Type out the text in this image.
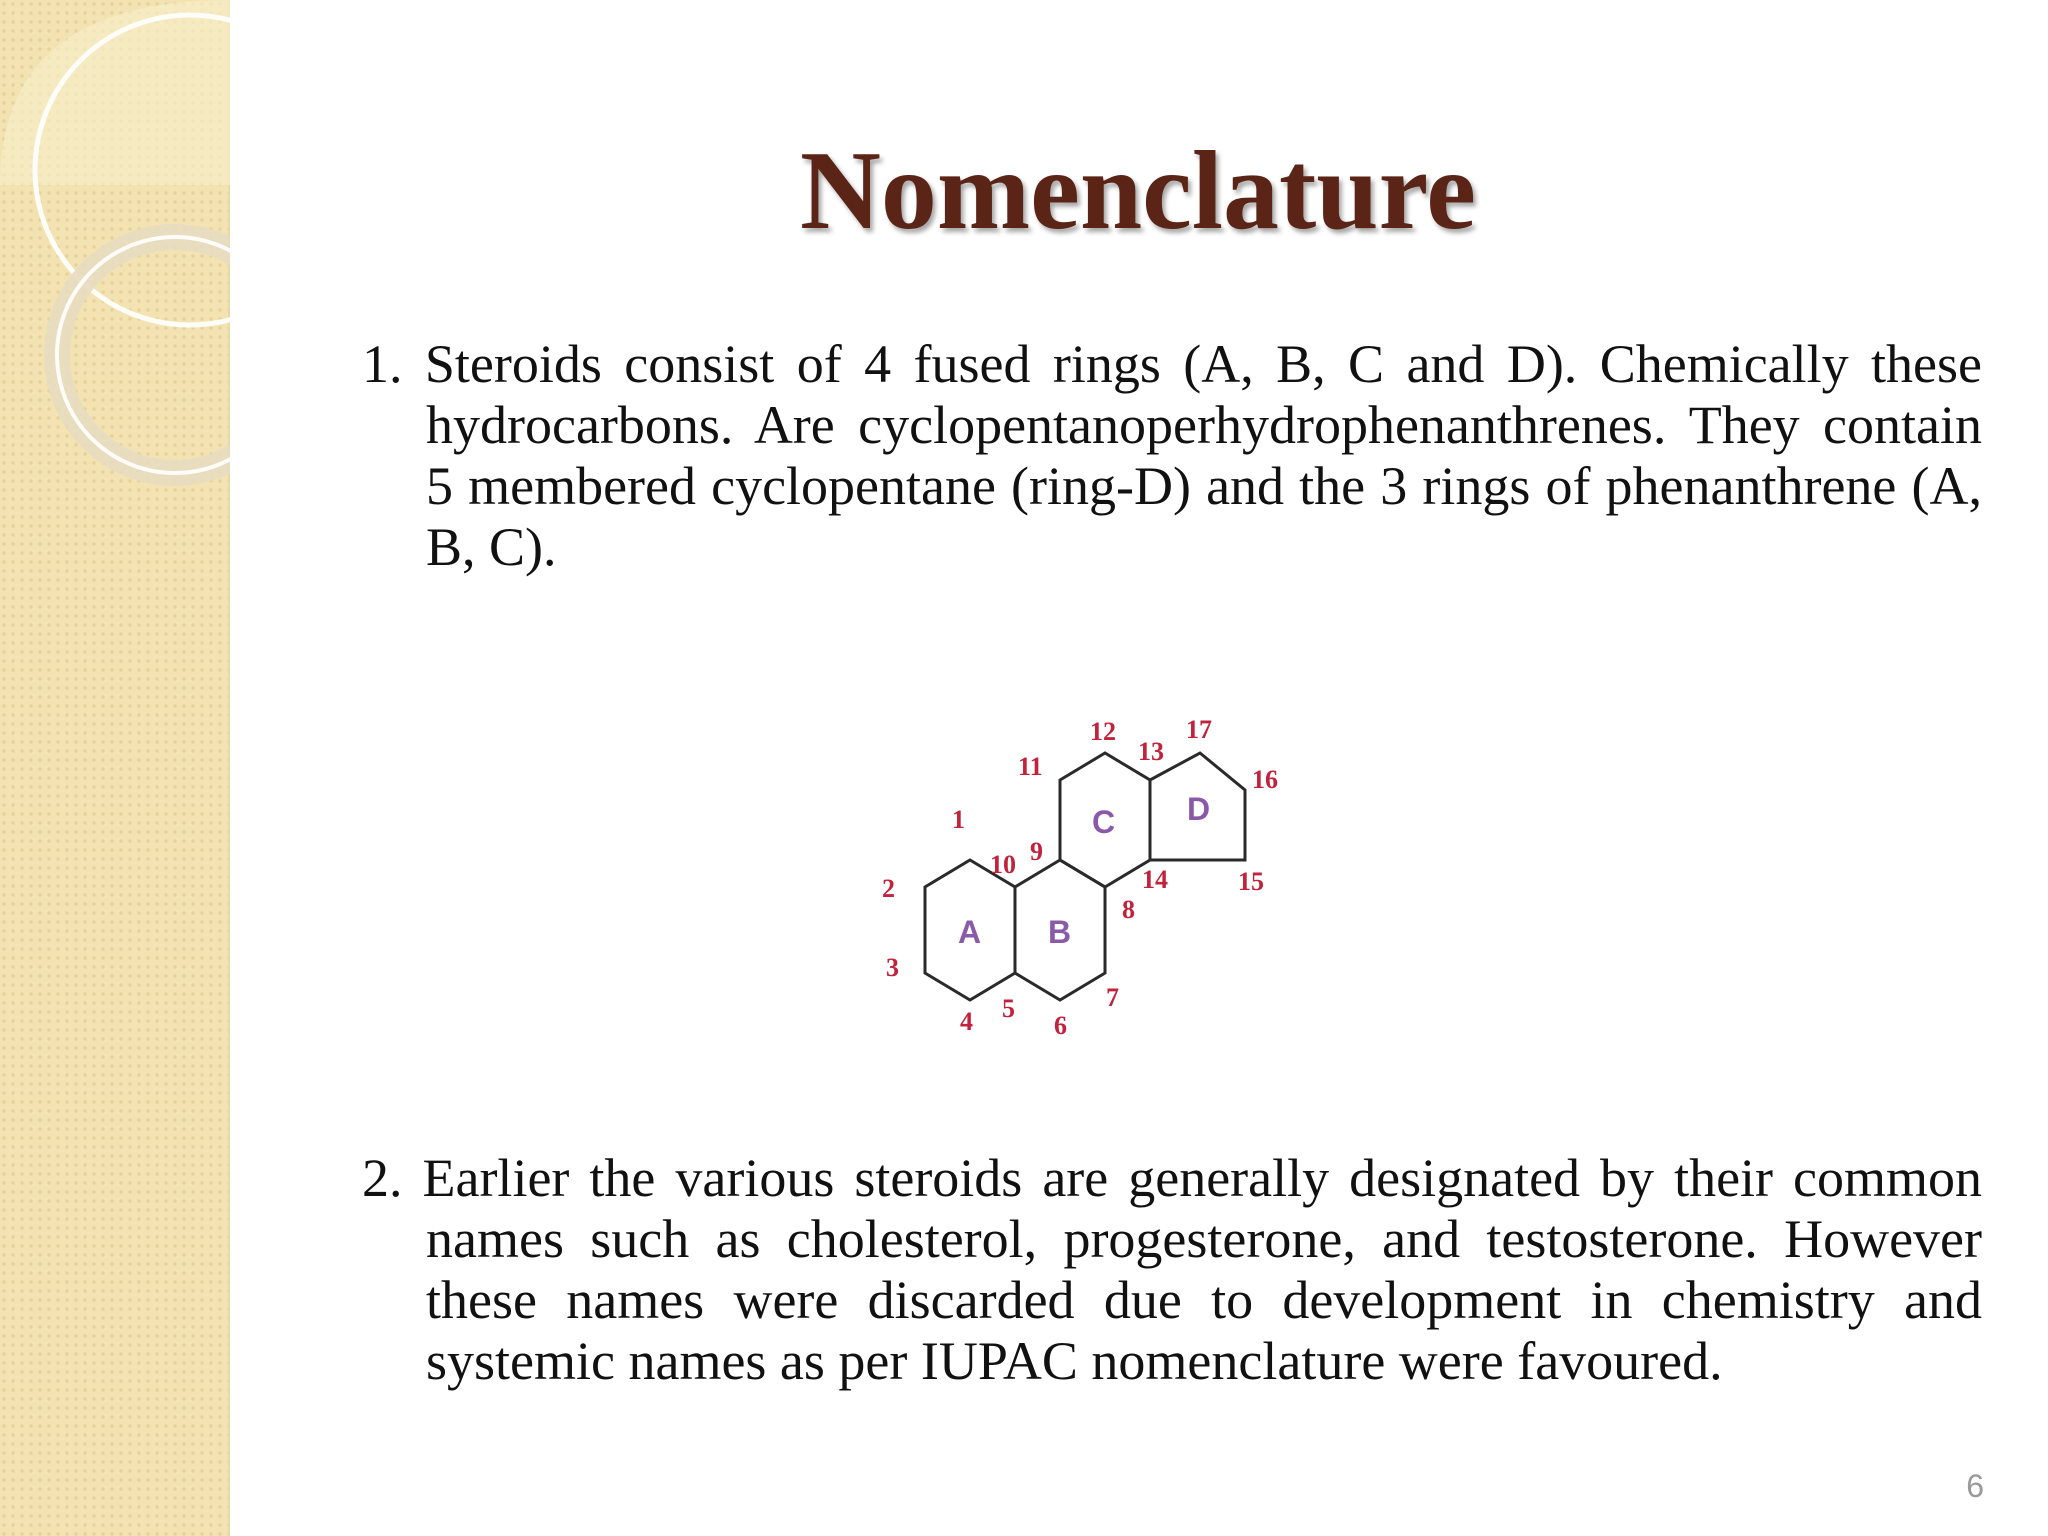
Nomenclature

1. Steroids consist of 4 fused rings (A, B, C and D). Chemically these hydrocarbons. Are cyclopentanoperhydrophenanthrenes. They contain 5 membered cyclopentane (ring-D) and the 3 rings of phenanthrene (A, B, C).

A B
C D
1
2
3
4 5
6
7
8
9
10
11
12
13
14	15
16
17

2. Earlier the various steroids are generally designated by their common names such as cholesterol, progesterone, and testosterone. However these names were discarded due to development in chemistry and systemic names as per IUPAC nomenclature were favoured.

6
